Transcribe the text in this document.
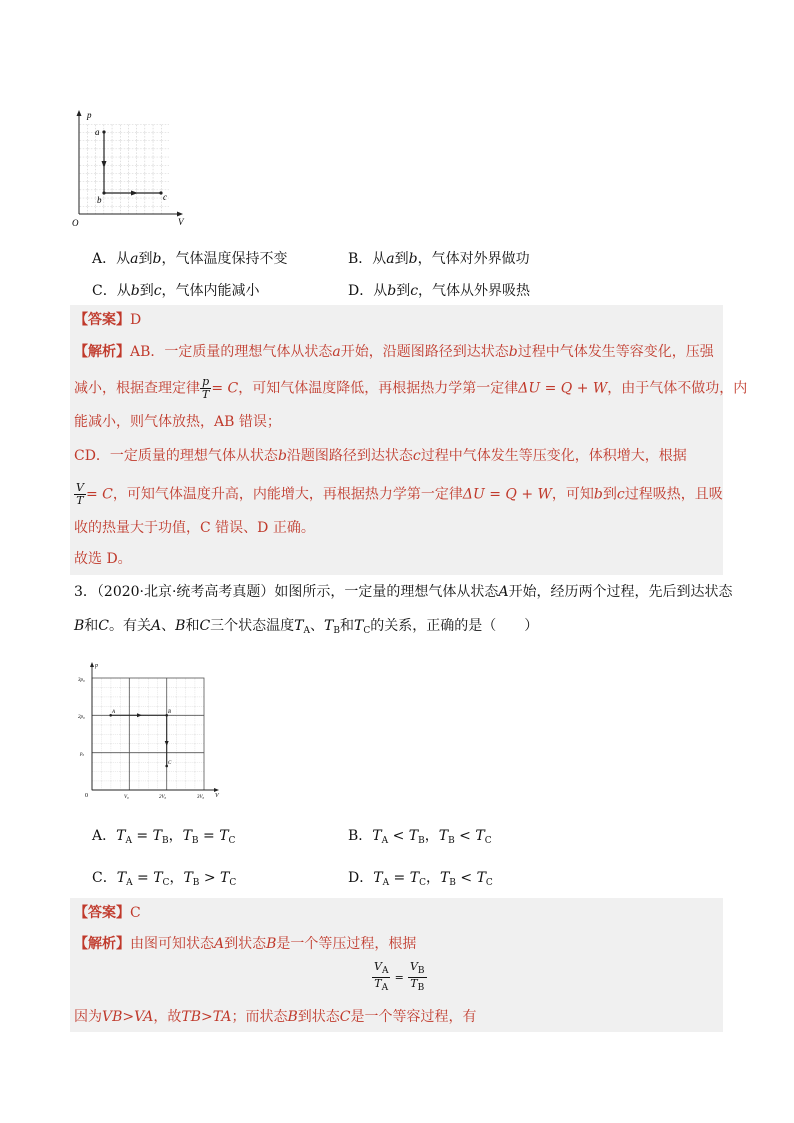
p
V
O
a
b	c
A．从a到b，气体温度保持不变	B．从a到b，气体对外界做功
C．从b到c，气体内能减小	D．从b到c，气体从外界吸热
【答案】D
【解析】AB．一定质量的理想气体从状态a开始，沿题图路径到达状态b过程中气体发生等容变化，压强
减小，根据查理定律 $\frac{p}{T} = C$，可知气体温度降低，再根据热力学第一定律ΔU = Q + W，由于气体不做功，内
能减小，则气体放热，AB 错误；
CD．一定质量的理想气体从状态b沿题图路径到达状态c过程中气体发生等压变化，体积增大，根据
$\frac{V}{T} = C$，可知气体温度升高，内能增大，再根据热力学第一定律ΔU = Q + W，可知b到c过程吸热，且吸
收的热量大于功值，C 错误、D 正确。
故选 D。
3．（2020·北京·统考高考真题）如图所示，一定量的理想气体从状态A开始，经历两个过程，先后到达状态
B和C。有关A、B和C三个状态温度$T_A$、$T_B$和$T_C$的关系，正确的是（　　）
p
V
0
3p₀
2p₀
p₀
V₀	2V₀	3V₀
A	B
C
A．$T_A = T_B$，$T_B = T_C$	B．$T_A < T_B$，$T_B < T_C$
C．$T_A = T_C$，$T_B > T_C$	D．$T_A = T_C$，$T_B < T_C$
【答案】C
【解析】由图可知状态A到状态B是一个等压过程，根据
$\frac{V_A}{T_A} = \frac{V_B}{T_B}$
因为VB>VA，故TB>TA；而状态B到状态C是一个等容过程，有
